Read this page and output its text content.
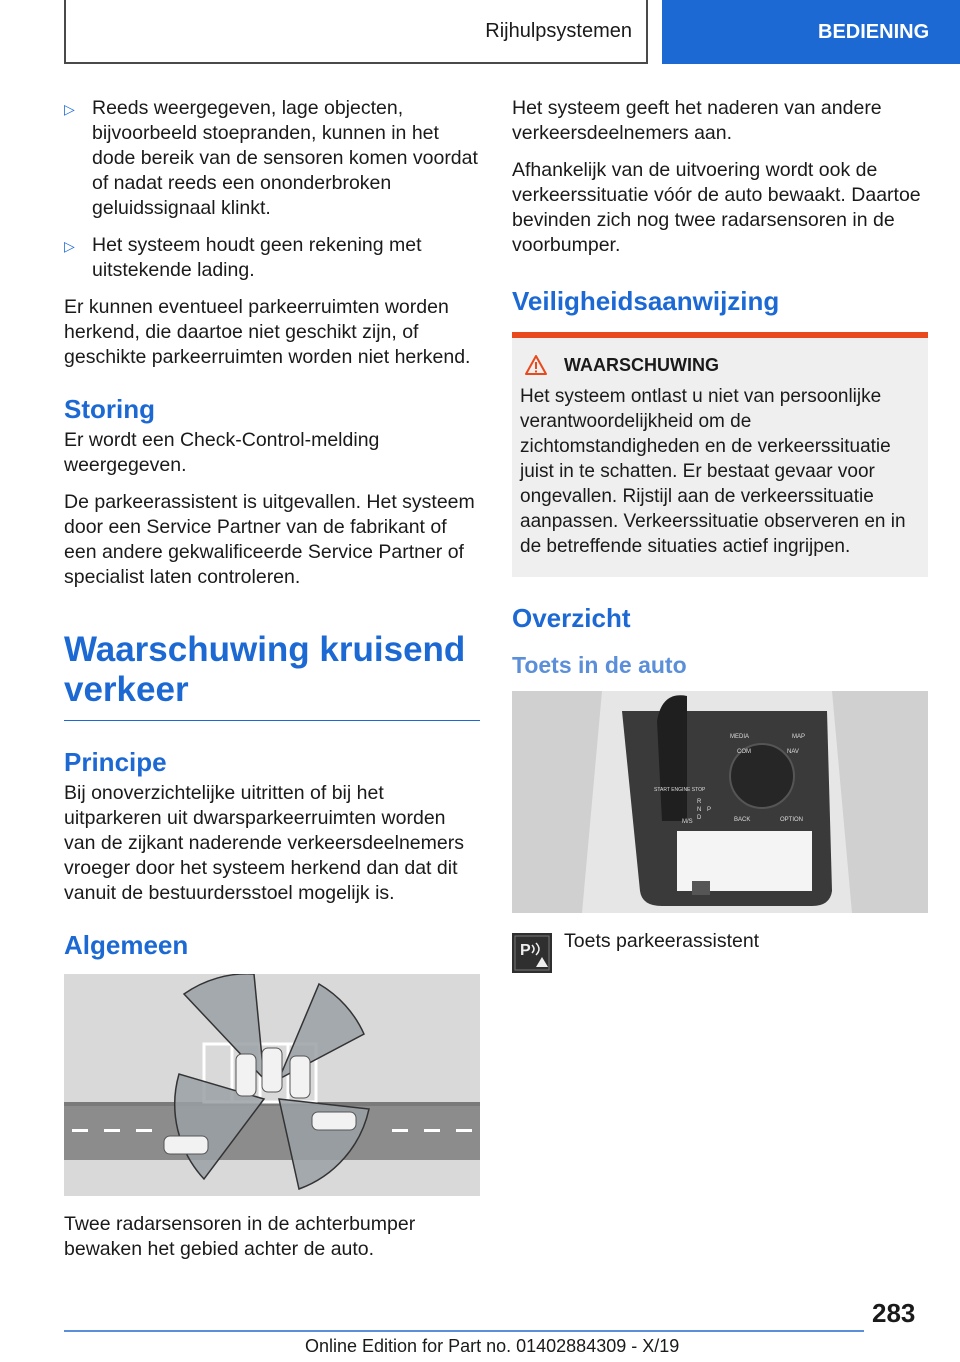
Rijhulpsystemen	BEDIENING
▷ Reeds weergegeven, lage objecten, bijvoorbeeld stoepranden, kunnen in het dode bereik van de sensoren komen voordat of nadat reeds een ononderbroken geluidssignaal klinkt.
▷ Het systeem houdt geen rekening met uitstekende lading.

Er kunnen eventueel parkeerruimten worden herkend, die daartoe niet geschikt zijn, of geschikte parkeerruimten worden niet herkend.

Storing

Er wordt een Check-Control-melding weergegeven.

De parkeerassistent is uitgevallen. Het systeem door een Service Partner van de fabrikant of een andere gekwalificeerde Service Partner of specialist laten controleren.

Waarschuwing kruisend verkeer
Principe

Bij onoverzichtelijke uitritten of bij het uitparkeren uit dwarsparkeerruimten worden van de zijkant naderende verkeersdeelnemers vroeger door het systeem herkend dan dat dit vanuit de bestuurdersstoel mogelijk is.

Algemeen

Twee radarsensoren in de achterbumper bewaken het gebied achter de auto.

Het systeem geeft het naderen van andere verkeersdeelnemers aan.

Afhankelijk van de uitvoering wordt ook de verkeerssituatie vóór de auto bewaakt. Daartoe bevinden zich nog twee radarsensoren in de voorbumper.

Veiligheidsaanwijzing
WAARSCHUWING

Het systeem ontlast u niet van persoonlijke verantwoordelijkheid om de zichtomstandigheden en de verkeerssituatie juist in te schatten. Er bestaat gevaar voor ongevallen. Rijstijl aan de verkeerssituatie aanpassen. Verkeerssituatie observeren en in de betreffende situaties actief ingrijpen.

Overzicht
Toets in de auto
MEDIA	MAP
COM	NAV
BACK	OPTION
START ENGINE STOP
R
N
D
P
M/S
P Toets parkeerassistent

283
Online Edition for Part no. 01402884309 - X/19
